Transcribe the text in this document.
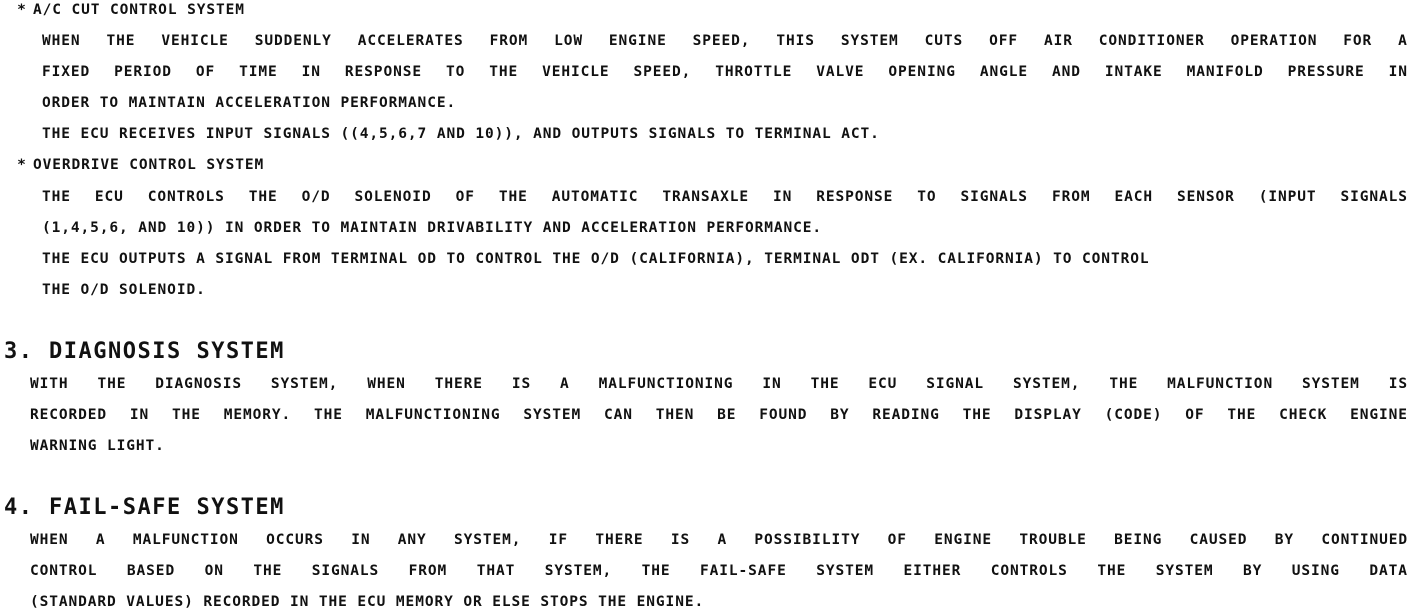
* A/C CUT CONTROL SYSTEM
WHEN THE VEHICLE SUDDENLY ACCELERATES FROM LOW ENGINE SPEED, THIS SYSTEM CUTS OFF AIR CONDITIONER OPERATION FOR A
FIXED PERIOD OF TIME IN RESPONSE TO THE VEHICLE SPEED, THROTTLE VALVE OPENING ANGLE AND INTAKE MANIFOLD PRESSURE IN
ORDER TO MAINTAIN ACCELERATION PERFORMANCE.
THE ECU RECEIVES INPUT SIGNALS ((4,5,6,7 AND 10)), AND OUTPUTS SIGNALS TO TERMINAL ACT.
* OVERDRIVE CONTROL SYSTEM
THE ECU CONTROLS THE O/D SOLENOID OF THE AUTOMATIC TRANSAXLE IN RESPONSE TO SIGNALS FROM EACH SENSOR (INPUT SIGNALS
(1,4,5,6, AND 10)) IN ORDER TO MAINTAIN DRIVABILITY AND ACCELERATION PERFORMANCE.
THE ECU OUTPUTS A SIGNAL FROM TERMINAL OD TO CONTROL THE O/D (CALIFORNIA), TERMINAL ODT (EX. CALIFORNIA) TO CONTROL
THE O/D SOLENOID.
3. DIAGNOSIS SYSTEM
WITH THE DIAGNOSIS SYSTEM, WHEN THERE IS A MALFUNCTIONING IN THE ECU SIGNAL SYSTEM, THE MALFUNCTION SYSTEM IS
RECORDED IN THE MEMORY. THE MALFUNCTIONING SYSTEM CAN THEN BE FOUND BY READING THE DISPLAY (CODE) OF THE CHECK ENGINE
WARNING LIGHT.
4. FAIL-SAFE SYSTEM
WHEN A MALFUNCTION OCCURS IN ANY SYSTEM, IF THERE IS A POSSIBILITY OF ENGINE TROUBLE BEING CAUSED BY CONTINUED
CONTROL BASED ON THE SIGNALS FROM THAT SYSTEM, THE FAIL-SAFE SYSTEM EITHER CONTROLS THE SYSTEM BY USING DATA
(STANDARD VALUES) RECORDED IN THE ECU MEMORY OR ELSE STOPS THE ENGINE.
